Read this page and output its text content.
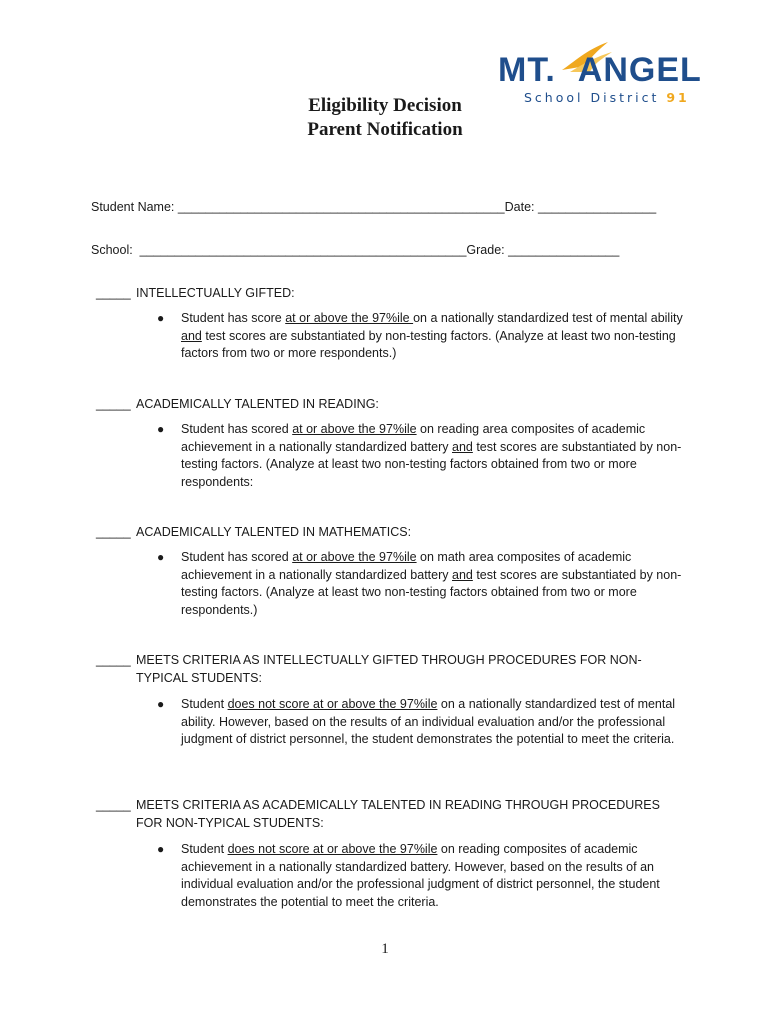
MT. ANGEL
School District 91
Eligibility Decision
Parent Notification
Student Name: _______________________________________________Date: _________________
School: _______________________________________________Grade: ________________
_____ INTELLECTUALLY GIFTED:
● Student has score at or above the 97%ile on a nationally standardized test of mental ability and test scores are substantiated by non-testing factors. (Analyze at least two non-testing factors from two or more respondents.)
_____ ACADEMICALLY TALENTED IN READING:
● Student has scored at or above the 97%ile on reading area composites of academic achievement in a nationally standardized battery and test scores are substantiated by non-testing factors. (Analyze at least two non-testing factors obtained from two or more respondents:
_____ ACADEMICALLY TALENTED IN MATHEMATICS:
● Student has scored at or above the 97%ile on math area composites of academic achievement in a nationally standardized battery and test scores are substantiated by non-testing factors. (Analyze at least two non-testing factors obtained from two or more respondents.)
_____ MEETS CRITERIA AS INTELLECTUALLY GIFTED THROUGH PROCEDURES FOR NON-TYPICAL STUDENTS:
● Student does not score at or above the 97%ile on a nationally standardized test of mental ability. However, based on the results of an individual evaluation and/or the professional judgment of district personnel, the student demonstrates the potential to meet the criteria.
_____ MEETS CRITERIA AS ACADEMICALLY TALENTED IN READING THROUGH PROCEDURES FOR NON-TYPICAL STUDENTS:
● Student does not score at or above the 97%ile on reading composites of academic achievement in a nationally standardized battery. However, based on the results of an individual evaluation and/or the professional judgment of district personnel, the student demonstrates the potential to meet the criteria.
1
